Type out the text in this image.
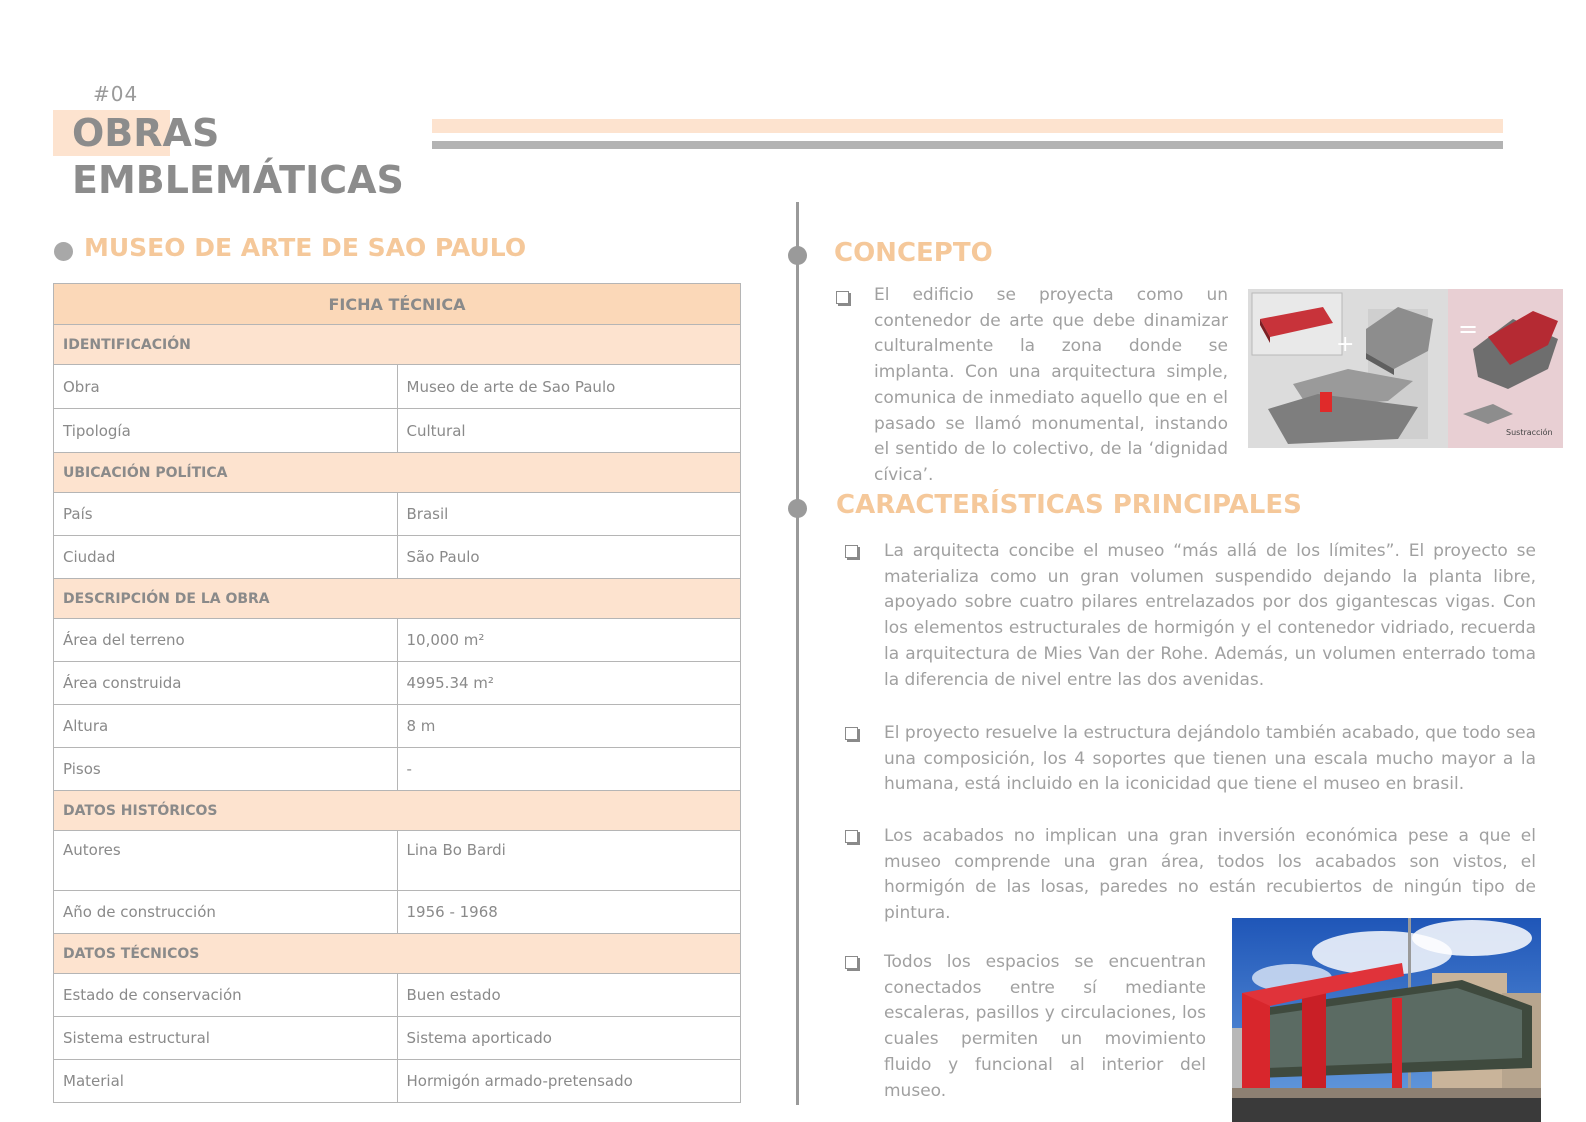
#04
OBRAS
EMBLEMÁTICAS
MUSEO DE ARTE DE SAO PAULO
FICHA TÉCNICA	
IDENTIFICACIÓN	
Obra	Museo de arte de Sao Paulo
Tipología	Cultural
UBICACIÓN POLÍTICA	
País	Brasil
Ciudad	São Paulo
DESCRIPCIÓN DE LA OBRA	
Área del terreno	10,000 m²
Área construida	4995.34 m²
Altura	8 m
Pisos	-
DATOS HISTÓRICOS	
Autores	Lina Bo Bardi
Año de construcción	1956 - 1968
DATOS TÉCNICOS	
Estado de conservación	Buen estado
Sistema estructural	Sistema aporticado
Material	Hormigón armado-pretensado
CONCEPTO
El edificio se proyecta como un contenedor de arte que debe dinamizar culturalmente la zona donde se implanta. Con una arquitectura simple, comunica de inmediato aquello que en el pasado se llamó monumental, instando el sentido de lo colectivo, de la ‘dignidad cívica’.
+
=
Sustracción
CARACTERÍSTICAS PRINCIPALES
La arquitecta concibe el museo “más allá de los límites”. El proyecto se materializa como un gran volumen suspendido dejando la planta libre, apoyado sobre cuatro pilares entrelazados por dos gigantescas vigas. Con los elementos estructurales de hormigón y el contenedor vidriado, recuerda la arquitectura de Mies Van der Rohe. Además, un volumen enterrado toma la diferencia de nivel entre las dos avenidas.
El proyecto resuelve la estructura dejándolo también acabado, que todo sea una composición, los 4 soportes que tienen una escala mucho mayor a la humana, está incluido en la iconicidad que tiene el museo en brasil.
Los acabados no implican una gran inversión económica pese a que el museo comprende una gran área, todos los acabados son vistos, el hormigón de las losas, paredes no están recubiertos de ningún tipo de pintura.
Todos los espacios se encuentran conectados entre sí mediante escaleras, pasillos y circulaciones, los cuales permiten un movimiento fluido y funcional al interior del museo.
